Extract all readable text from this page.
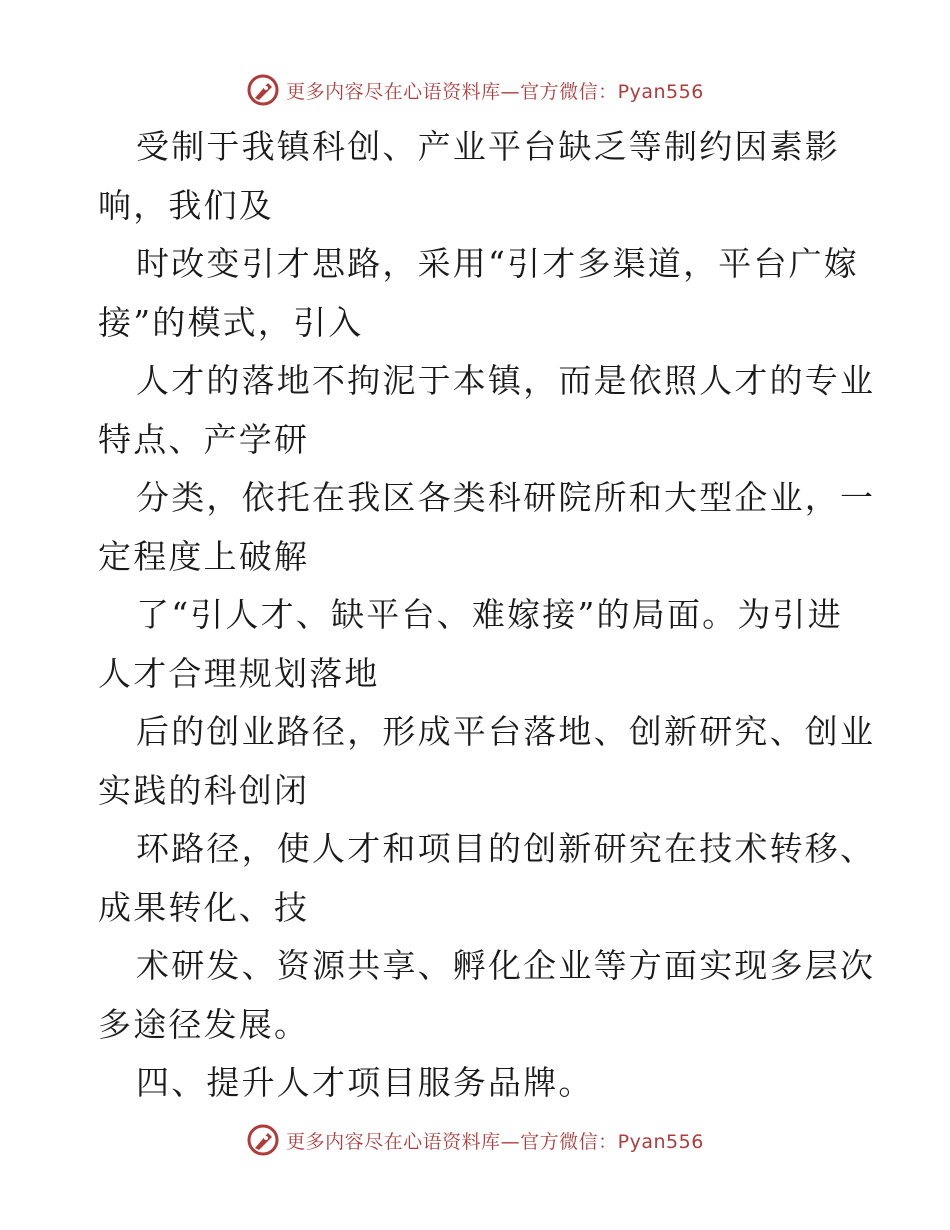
更多内容尽在心语资料库—官方微信：Pyan556
受制于我镇科创、产业平台缺乏等制约因素影
响，我们及
时改变引才思路，采用“引才多渠道，平台广嫁
接”的模式，引入
人才的落地不拘泥于本镇，而是依照人才的专业
特点、产学研
分类，依托在我区各类科研院所和大型企业，一
定程度上破解
了“引人才、缺平台、难嫁接”的局面。为引进
人才合理规划落地
后的创业路径，形成平台落地、创新研究、创业
实践的科创闭
环路径，使人才和项目的创新研究在技术转移、
成果转化、技
术研发、资源共享、孵化企业等方面实现多层次
多途径发展。
四、提升人才项目服务品牌。
更多内容尽在心语资料库—官方微信：Pyan556
